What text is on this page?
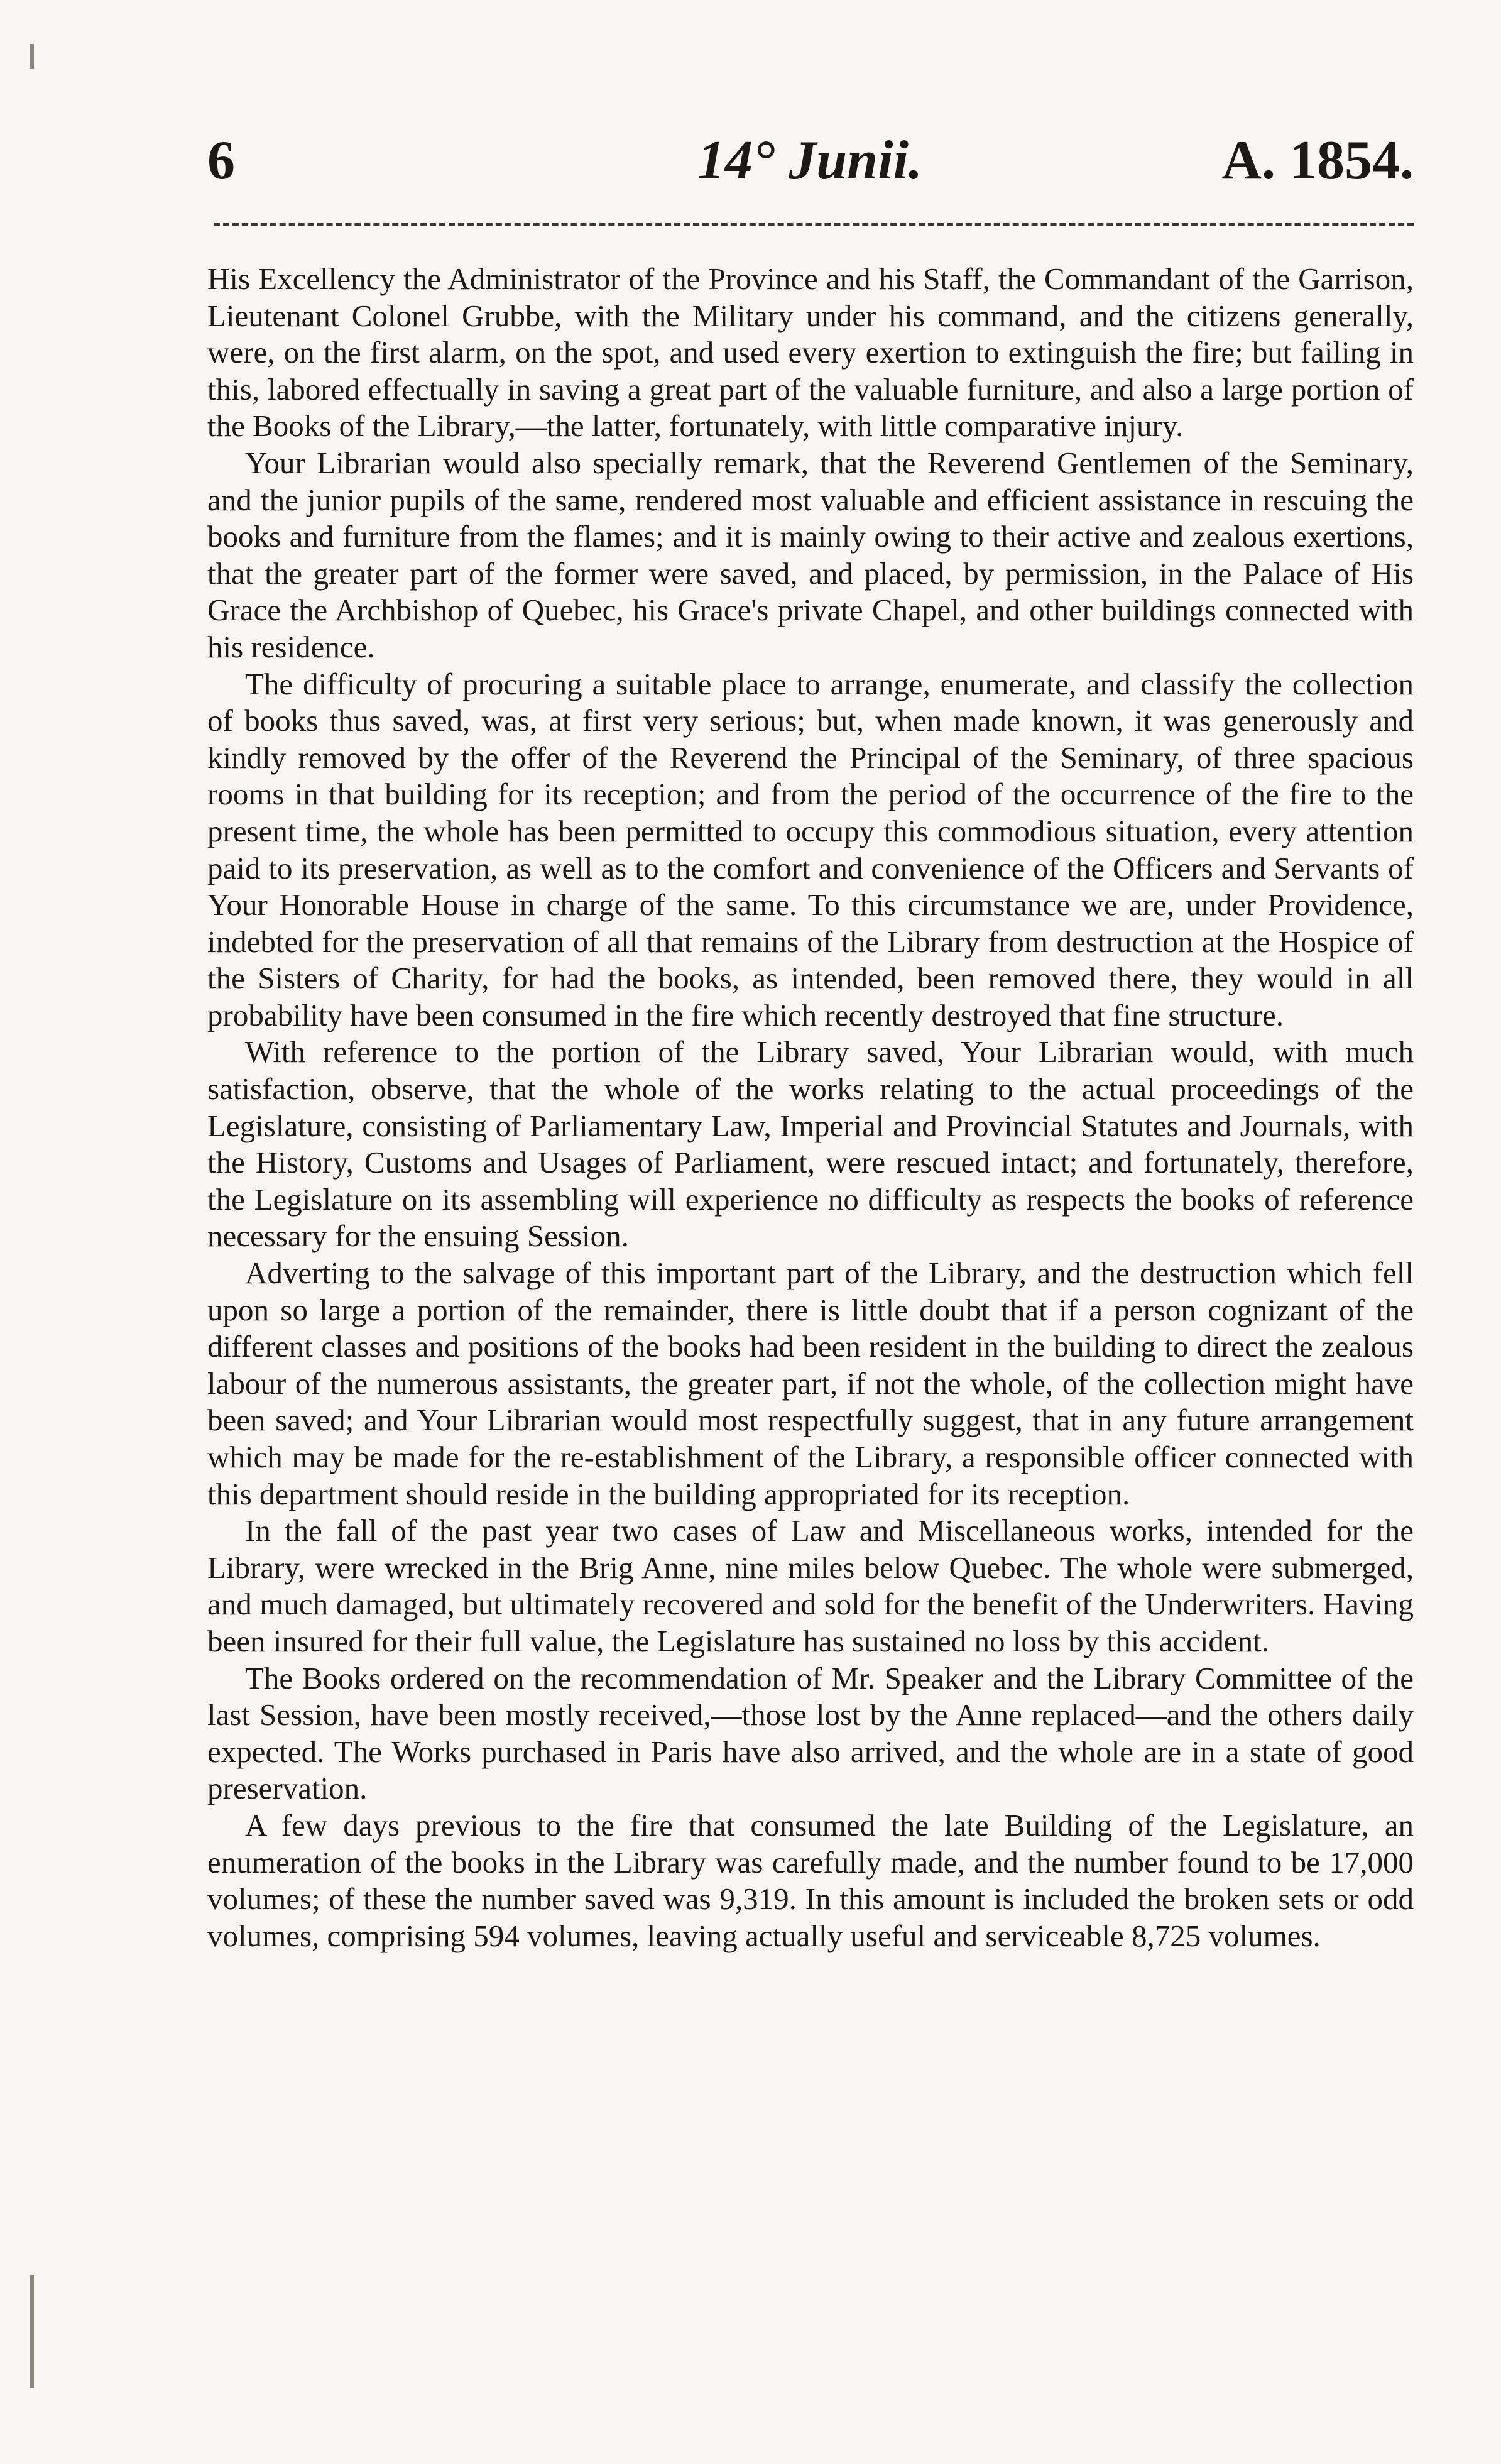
6	14° Junii.	A. 1854.

His Excellency the Administrator of the Province and his Staff, the Commandant of the Garrison, Lieutenant Colonel Grubbe, with the Military under his command, and the citizens generally, were, on the first alarm, on the spot, and used every exertion to extinguish the fire; but failing in this, labored effectually in saving a great part of the valuable furniture, and also a large portion of the Books of the Library,—the latter, fortunately, with little comparative injury.

Your Librarian would also specially remark, that the Reverend Gentlemen of the Seminary, and the junior pupils of the same, rendered most valuable and efficient assistance in rescuing the books and furniture from the flames; and it is mainly owing to their active and zealous exertions, that the greater part of the former were saved, and placed, by permission, in the Palace of His Grace the Archbishop of Quebec, his Grace's private Chapel, and other buildings connected with his residence.

The difficulty of procuring a suitable place to arrange, enumerate, and classify the collection of books thus saved, was, at first very serious; but, when made known, it was generously and kindly removed by the offer of the Reverend the Principal of the Seminary, of three spacious rooms in that building for its reception; and from the period of the occurrence of the fire to the present time, the whole has been permitted to occupy this commodious situation, every attention paid to its preservation, as well as to the comfort and convenience of the Officers and Servants of Your Honorable House in charge of the same. To this circumstance we are, under Providence, indebted for the preservation of all that remains of the Library from destruction at the Hospice of the Sisters of Charity, for had the books, as intended, been removed there, they would in all probability have been consumed in the fire which recently destroyed that fine structure.

With reference to the portion of the Library saved, Your Librarian would, with much satisfaction, observe, that the whole of the works relating to the actual proceedings of the Legislature, consisting of Parliamentary Law, Imperial and Provincial Statutes and Journals, with the History, Customs and Usages of Parliament, were rescued intact; and fortunately, therefore, the Legislature on its assembling will experience no difficulty as respects the books of reference necessary for the ensuing Session.

Adverting to the salvage of this important part of the Library, and the destruction which fell upon so large a portion of the remainder, there is little doubt that if a person cognizant of the different classes and positions of the books had been resident in the building to direct the zealous labour of the numerous assistants, the greater part, if not the whole, of the collection might have been saved; and Your Librarian would most respectfully suggest, that in any future arrangement which may be made for the re-establishment of the Library, a responsible officer connected with this department should reside in the building appropriated for its reception.

In the fall of the past year two cases of Law and Miscellaneous works, intended for the Library, were wrecked in the Brig Anne, nine miles below Quebec. The whole were submerged, and much damaged, but ultimately recovered and sold for the benefit of the Underwriters. Having been insured for their full value, the Legislature has sustained no loss by this accident.

The Books ordered on the recommendation of Mr. Speaker and the Library Committee of the last Session, have been mostly received,—those lost by the Anne replaced—and the others daily expected. The Works purchased in Paris have also arrived, and the whole are in a state of good preservation.

A few days previous to the fire that consumed the late Building of the Legislature, an enumeration of the books in the Library was carefully made, and the number found to be 17,000 volumes; of these the number saved was 9,319. In this amount is included the broken sets or odd volumes, comprising 594 volumes, leaving actually useful and serviceable 8,725 volumes.
